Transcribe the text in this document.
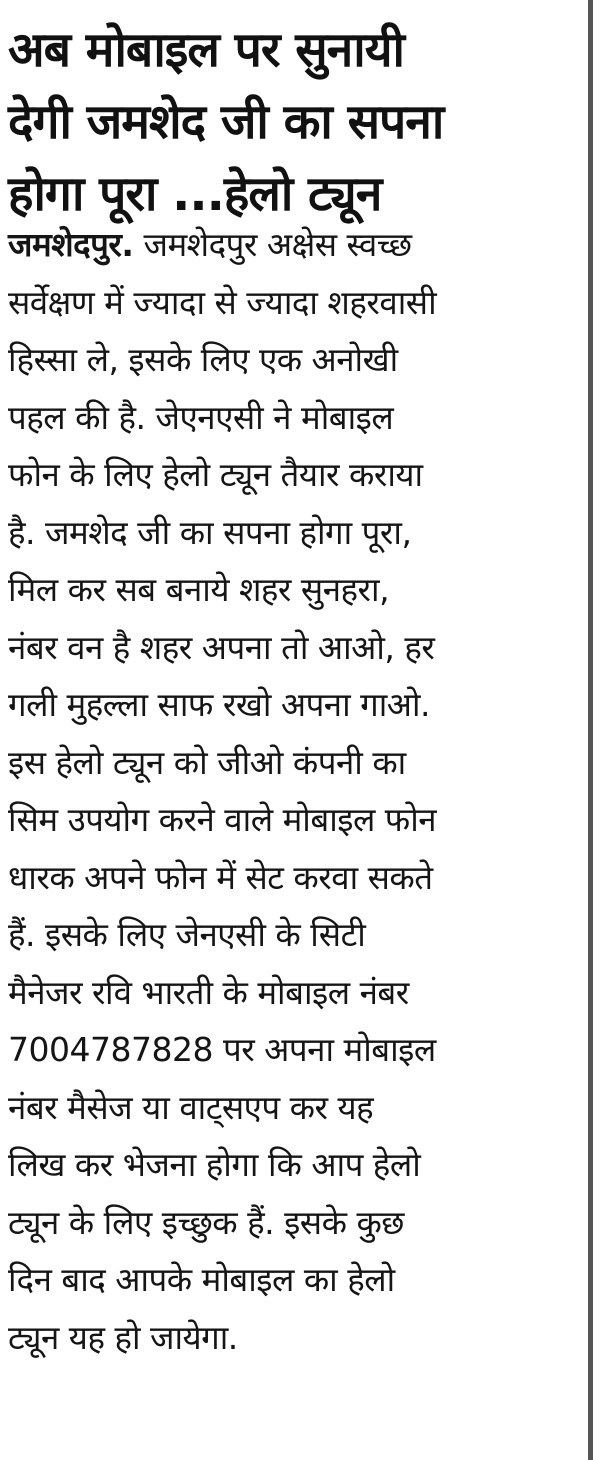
अब मोबाइल पर सुनायी
देगी जमशेद जी का सपना
होगा पूरा ...हेलो ट्यून
जमशेदपुर. जमशेदपुर अक्षेस स्वच्छ
सर्वेक्षण में ज्यादा से ज्यादा शहरवासी
हिस्सा ले, इसके लिए एक अनोखी
पहल की है. जेएनएसी ने मोबाइल
फोन के लिए हेलो ट्यून तैयार कराया
है. जमशेद जी का सपना होगा पूरा,
मिल कर सब बनाये शहर सुनहरा,
नंबर वन है शहर अपना तो आओ, हर
गली मुहल्ला साफ रखो अपना गाओ.
इस हेलो ट्यून को जीओ कंपनी का
सिम उपयोग करने वाले मोबाइल फोन
धारक अपने फोन में सेट करवा सकते
हैं. इसके लिए जेनएसी के सिटी
मैनेजर रवि भारती के मोबाइल नंबर
7004787828 पर अपना मोबाइल
नंबर मैसेज या वाट्सएप कर यह
लिख कर भेजना होगा कि आप हेलो
ट्यून के लिए इच्छुक हैं. इसके कुछ
दिन बाद आपके मोबाइल का हेलो
ट्यून यह हो जायेगा.
